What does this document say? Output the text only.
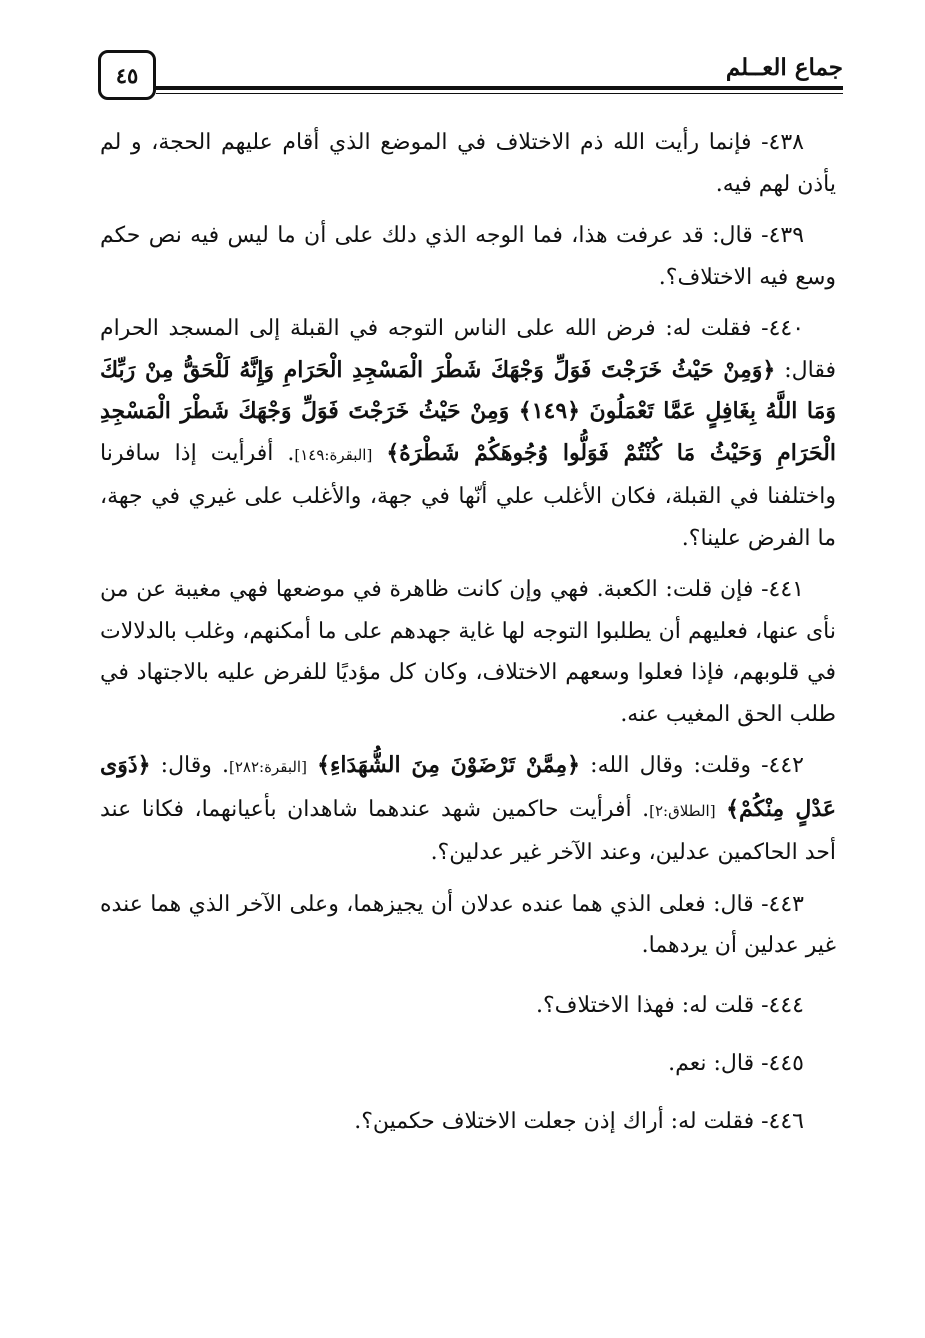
٤٥	جماع العــلم

٤٣٨- فإنما رأيت الله ذم الاختلاف في الموضع الذي أقام عليهم الحجة، و لم يأذن لهم فيه.

٤٣٩- قال: قد عرفت هذا، فما الوجه الذي دلك على أن ما ليس فيه نص حكم وسع فيه الاختلاف؟.

٤٤٠- فقلت له: فرض الله على الناس التوجه في القبلة إلى المسجد الحرام فقال: ﴿وَمِنْ حَيْثُ خَرَجْتَ فَوَلِّ وَجْهَكَ شَطْرَ الْمَسْجِدِ الْحَرَامِ وَإِنَّهُ لَلْحَقُّ مِنْ رَبِّكَ وَمَا اللَّهُ بِغَافِلٍ عَمَّا تَعْمَلُونَ ﴿١٤٩﴾ وَمِنْ حَيْثُ خَرَجْتَ فَوَلِّ وَجْهَكَ شَطْرَ الْمَسْجِدِ الْحَرَامِ وَحَيْثُ مَا كُنْتُمْ فَوَلُّوا وُجُوهَكُمْ شَطْرَهُ﴾ [البقرة:١٤٩]. أفرأيت إذا سافرنا واختلفنا في القبلة، فكان الأغلب علي أنّها في جهة، والأغلب على غيري في جهة، ما الفرض علينا؟.

٤٤١- فإن قلت: الكعبة. فهي وإن كانت ظاهرة في موضعها فهي مغيبة عن من نأى عنها، فعليهم أن يطلبوا التوجه لها غاية جهدهم على ما أمكنهم، وغلب بالدلالات في قلوبهم، فإذا فعلوا وسعهم الاختلاف، وكان كل مؤديًا للفرض عليه بالاجتهاد في طلب الحق المغيب عنه.

٤٤٢- وقلت: وقال الله: ﴿مِمَّنْ تَرْضَوْنَ مِنَ الشُّهَدَاءِ﴾ [البقرة:٢٨٢]. وقال: ﴿ذَوَى عَدْلٍ مِنْكُمْ﴾ [الطلاق:٢]. أفرأيت حاكمين شهد عندهما شاهدان بأعيانهما، فكانا عند أحد الحاكمين عدلين، وعند الآخر غير عدلين؟.

٤٤٣- قال: فعلى الذي هما عنده عدلان أن يجيزهما، وعلى الآخر الذي هما عنده غير عدلين أن يردهما.

٤٤٤- قلت له: فهذا الاختلاف؟.

٤٤٥- قال: نعم.

٤٤٦- فقلت له: أراك إذن جعلت الاختلاف حكمين؟.
